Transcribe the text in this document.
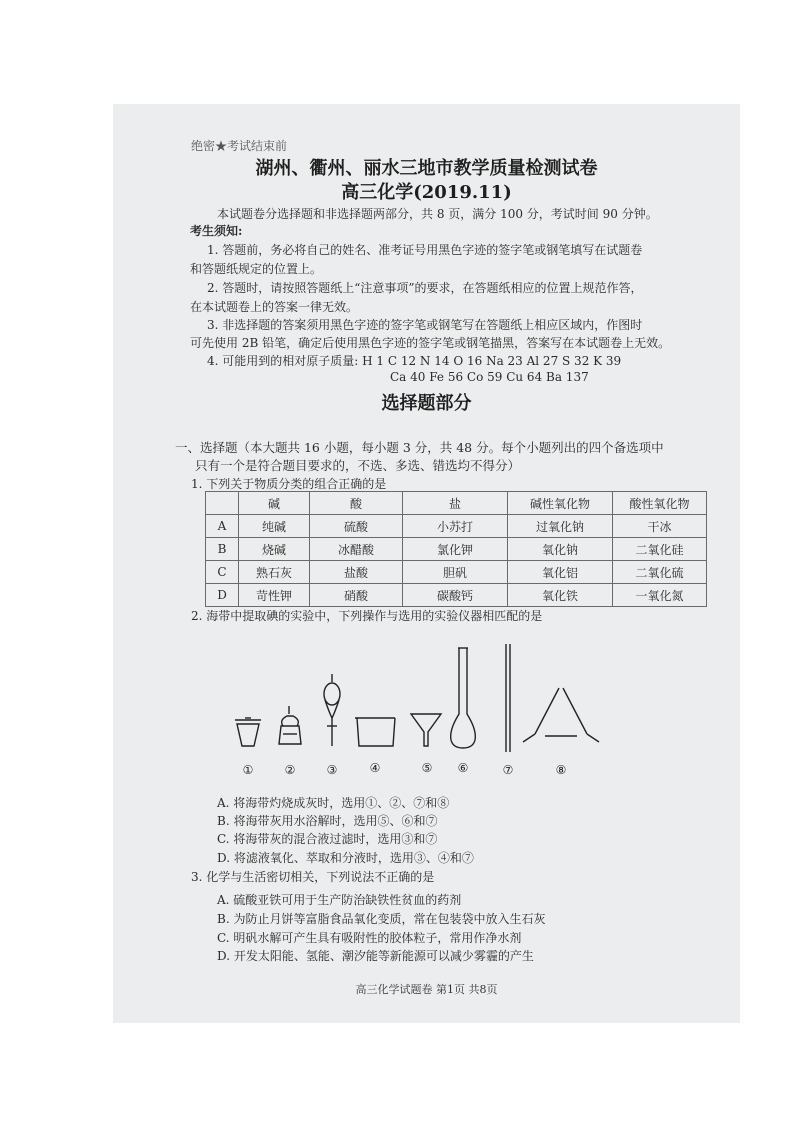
绝密★考试结束前
湖州、衢州、丽水三地市教学质量检测试卷
高三化学(2019.11)
本试题卷分选择题和非选择题两部分，共 8 页，满分 100 分，考试时间 90 分钟。
考生须知:
1. 答题前，务必将自己的姓名、准考证号用黑色字迹的签字笔或钢笔填写在试题卷
和答题纸规定的位置上。
2. 答题时，请按照答题纸上“注意事项”的要求，在答题纸相应的位置上规范作答，
在本试题卷上的答案一律无效。
3. 非选择题的答案须用黑色字迹的签字笔或钢笔写在答题纸上相应区域内，作图时
可先使用 2B 铅笔，确定后使用黑色字迹的签字笔或钢笔描黑，答案写在本试题卷上无效。
4. 可能用到的相对原子质量: H 1 C 12 N 14 O 16 Na 23 Al 27 S 32 K 39
Ca 40 Fe 56 Co 59 Cu 64 Ba 137
选择题部分
一、选择题（本大题共 16 小题，每小题 3 分，共 48 分。每个小题列出的四个备选项中
只有一个是符合题目要求的，不选、多选、错选均不得分）
1. 下列关于物质分类的组合正确的是
	碱	酸	盐	碱性氧化物	酸性氧化物
A	纯碱	硫酸	小苏打	过氧化钠	干冰
B	烧碱	冰醋酸	氯化钾	氧化钠	二氧化硅
C	熟石灰	盐酸	胆矾	氧化铝	二氧化硫
D	苛性钾	硝酸	碳酸钙	氧化铁	一氧化氮
2. 海带中提取碘的实验中，下列操作与选用的实验仪器相匹配的是
①	②	③	④	⑤ ⑥	⑦	⑧
A. 将海带灼烧成灰时，选用①、②、⑦和⑧
B. 将海带灰用水浴解时，选用⑤、⑥和⑦
C. 将海带灰的混合液过滤时，选用③和⑦
D. 将滤液氧化、萃取和分液时，选用③、④和⑦
3. 化学与生活密切相关，下列说法不正确的是
A. 硫酸亚铁可用于生产防治缺铁性贫血的药剂
B. 为防止月饼等富脂食品氧化变质，常在包装袋中放入生石灰
C. 明矾水解可产生具有吸附性的胶体粒子，常用作净水剂
D. 开发太阳能、氢能、潮汐能等新能源可以减少雾霾的产生
高三化学试题卷 第1页 共8页
